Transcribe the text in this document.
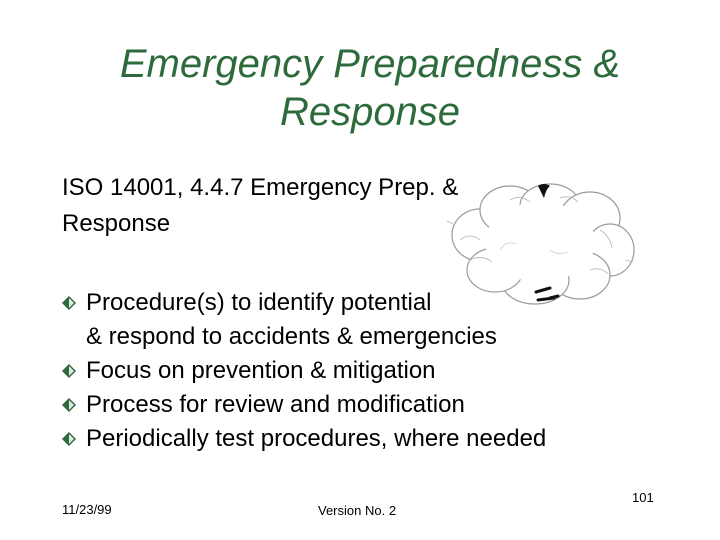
Emergency Preparedness &
Response
ISO 14001, 4.4.7 Emergency Prep. &
Response
Procedure(s) to identify potential
& respond to accidents & emergencies
Focus on prevention & mitigation
Process for review and modification
Periodically test procedures, where needed
11/23/99	Version No. 2
101
